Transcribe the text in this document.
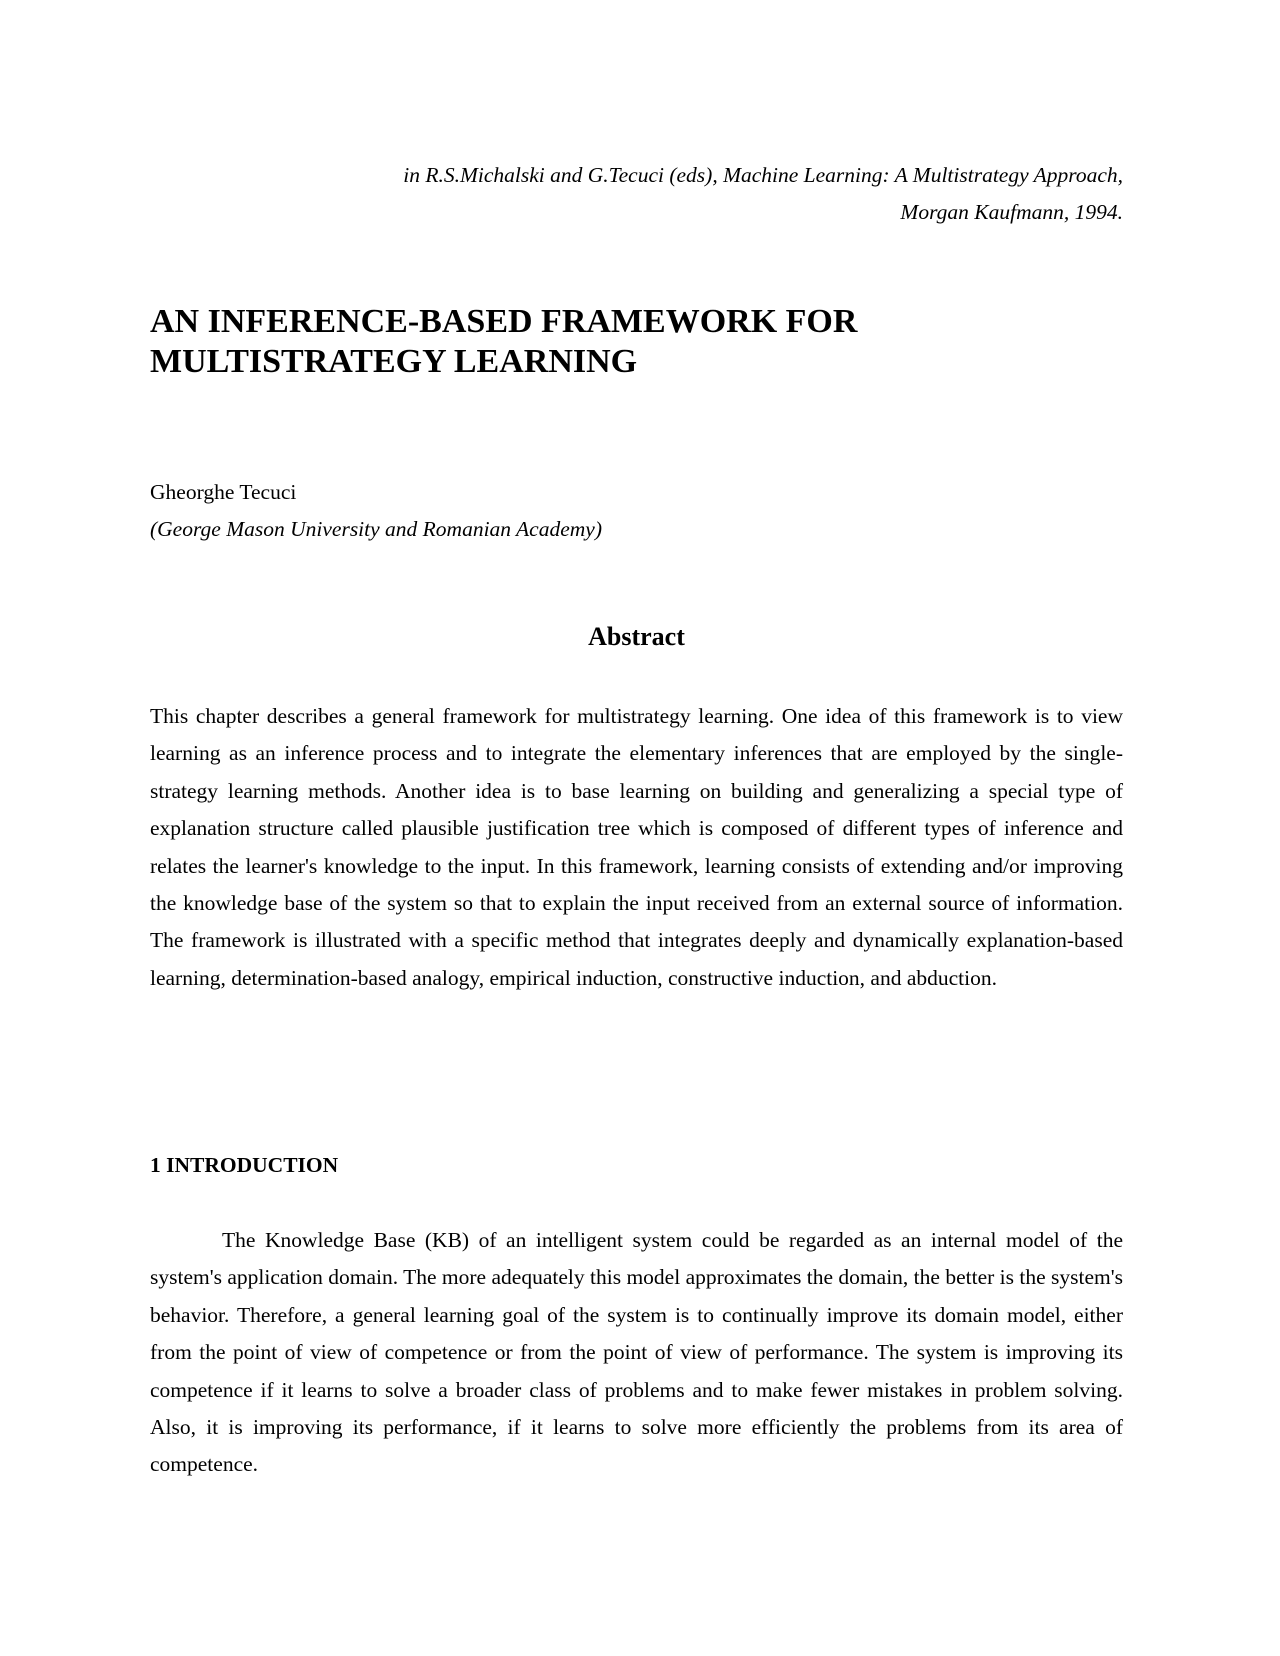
in R.S.Michalski and G.Tecuci (eds), Machine Learning: A Multistrategy Approach,
Morgan Kaufmann, 1994.
AN INFERENCE-BASED FRAMEWORK FOR
MULTISTRATEGY LEARNING
Gheorghe Tecuci
(George Mason University and Romanian Academy)
Abstract

This chapter describes a general framework for multistrategy learning. One idea of this framework is to view learning as an inference process and to integrate the elementary inferences that are employed by the single-strategy learning methods. Another idea is to base learning on building and generalizing a special type of explanation structure called plausible justification tree which is composed of different types of inference and relates the learner's knowledge to the input. In this framework, learning consists of extending and/or improving the knowledge base of the system so that to explain the input received from an external source of information. The framework is illustrated with a specific method that integrates deeply and dynamically explanation-based learning, determination-based analogy, empirical induction, constructive induction, and abduction.

1 INTRODUCTION

The Knowledge Base (KB) of an intelligent system could be regarded as an internal model of the system's application domain. The more adequately this model approximates the domain, the better is the system's behavior. Therefore, a general learning goal of the system is to continually improve its domain model, either from the point of view of competence or from the point of view of performance. The system is improving its competence if it learns to solve a broader class of problems and to make fewer mistakes in problem solving. Also, it is improving its performance, if it learns to solve more efficiently the problems from its area of competence.
